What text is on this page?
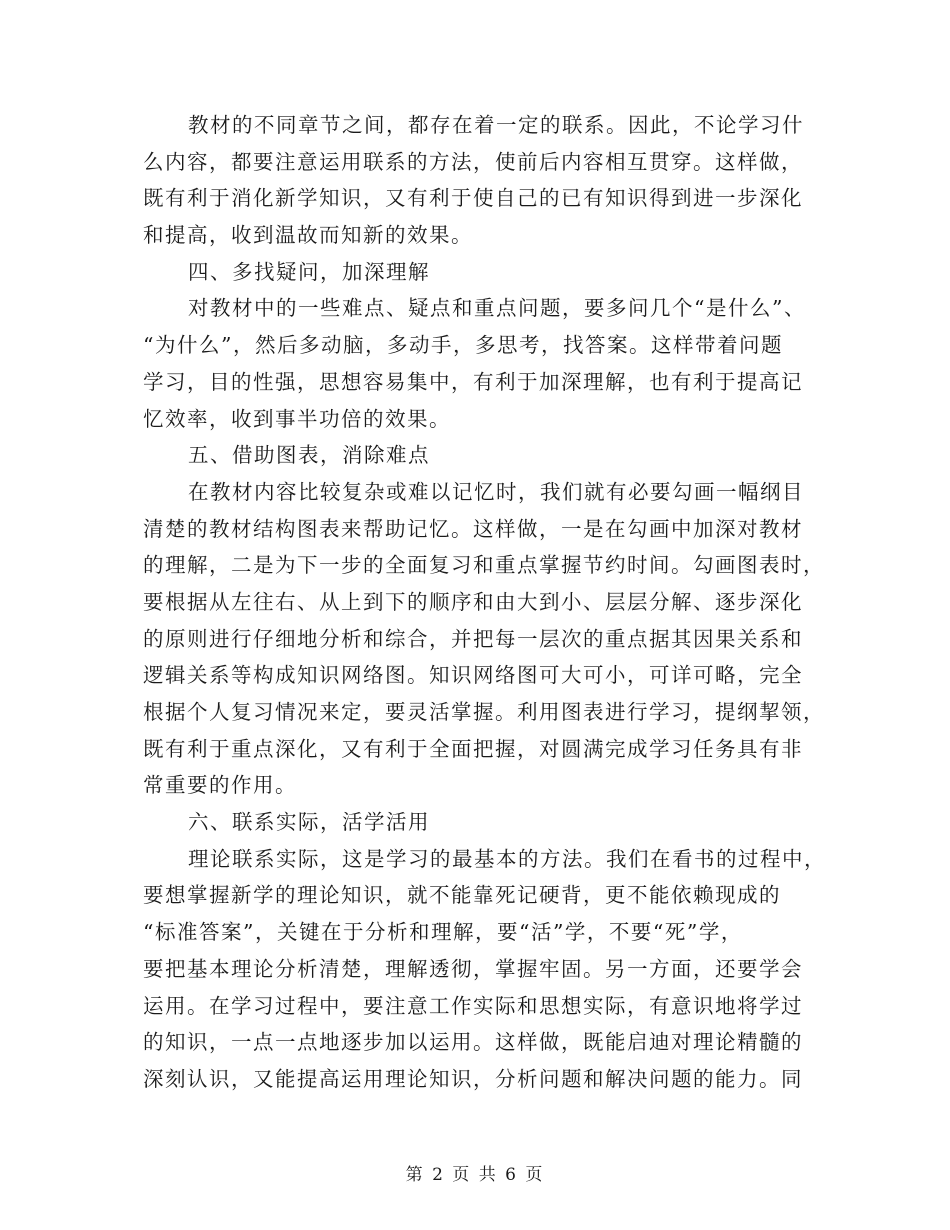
教材的不同章节之间，都存在着一定的联系。因此，不论学习什
么内容，都要注意运用联系的方法，使前后内容相互贯穿。这样做，
既有利于消化新学知识，又有利于使自己的已有知识得到进一步深化
和提高，收到温故而知新的效果。
四、多找疑问，加深理解
对教材中的一些难点、疑点和重点问题，要多问几个“是什么”、
“为什么”，然后多动脑，多动手，多思考，找答案。这样带着问题
学习，目的性强，思想容易集中，有利于加深理解，也有利于提高记
忆效率，收到事半功倍的效果。
五、借助图表，消除难点
在教材内容比较复杂或难以记忆时，我们就有必要勾画一幅纲目
清楚的教材结构图表来帮助记忆。这样做，一是在勾画中加深对教材
的理解，二是为下一步的全面复习和重点掌握节约时间。勾画图表时，
要根据从左往右、从上到下的顺序和由大到小、层层分解、逐步深化
的原则进行仔细地分析和综合，并把每一层次的重点据其因果关系和
逻辑关系等构成知识网络图。知识网络图可大可小，可详可略，完全
根据个人复习情况来定，要灵活掌握。利用图表进行学习，提纲挈领，
既有利于重点深化，又有利于全面把握，对圆满完成学习任务具有非
常重要的作用。
六、联系实际，活学活用
理论联系实际，这是学习的最基本的方法。我们在看书的过程中，
要想掌握新学的理论知识，就不能靠死记硬背，更不能依赖现成的
“标准答案”，关键在于分析和理解，要“活”学，不要“死”学，
要把基本理论分析清楚，理解透彻，掌握牢固。另一方面，还要学会
运用。在学习过程中，要注意工作实际和思想实际，有意识地将学过
的知识，一点一点地逐步加以运用。这样做，既能启迪对理论精髓的
深刻认识，又能提高运用理论知识，分析问题和解决问题的能力。同
第 2 页 共 6 页
